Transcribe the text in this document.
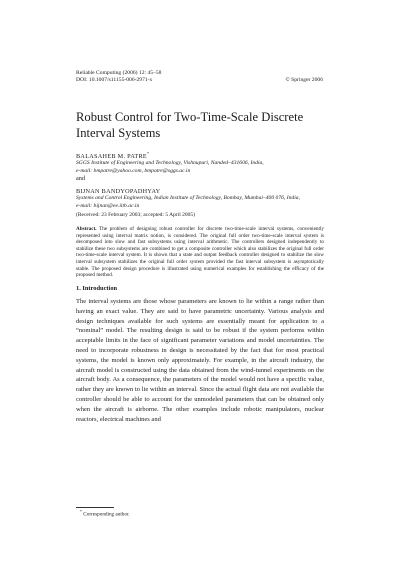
Reliable Computing (2006) 12: 45–58
DOI: 10.1007/s11155-006-2971-x	© Springer 2006
Robust Control for Two-Time-Scale Discrete
Interval Systems
BALASAHEB M. PATRE*
SGGS Institute of Engineering and Technology, Vishnupuri, Nanded–431606, India,
e-mail: bmpatre@yahoo.com, bmpatre@sggs.ac.in
and
BIJNAN BANDYOPADHYAY
Systems and Control Engineering, Indian Institute of Technology, Bombay, Mumbai–400 076, India,
e-mail: bijnan@ee.iitb.ac.in
(Received: 23 February 2003; accepted: 5 April 2005)
Abstract. The problem of designing robust controller for discrete two-time-scale interval systems, conveniently represented using interval matrix notion, is considered. The original full order two-time-scale interval system is decomposed into slow and fast subsystems using interval arithmetic. The controllers designed independently to stabilize these two subsystems are combined to get a composite controller which also stabilizes the original full order two-time-scale interval system. It is shown that a state and output feedback controller designed to stabilize the slow interval subsystem stabilizes the original full order system provided the fast interval subsystem is asymptotically stable. The proposed design procedure is illustrated using numerical examples for establishing the efficacy of the proposed method.
1. Introduction
The interval systems are those whose parameters are known to lie within a range rather than having an exact value. They are said to have parametric uncertainty. Various analysis and design techniques available for such systems are essentially meant for application to a “nominal” model. The resulting design is said to be robust if the system performs within acceptable limits in the face of significant parameter variations and model uncertainties. The need to incorporate robustness in design is necessitated by the fact that for most practical systems, the model is known only approximately. For example, in the aircraft industry, the aircraft model is constructed using the data obtained from the wind-tunnel experiments on the aircraft body. As a consequence, the parameters of the model would not have a specific value, rather they are known to lie within an interval. Since the actual flight data are not available the controller should be able to account for the unmodeled parameters that can be obtained only when the aircraft is airborne. The other examples include robotic manipulators, nuclear reactors, electrical machines and
* Corresponding author.
